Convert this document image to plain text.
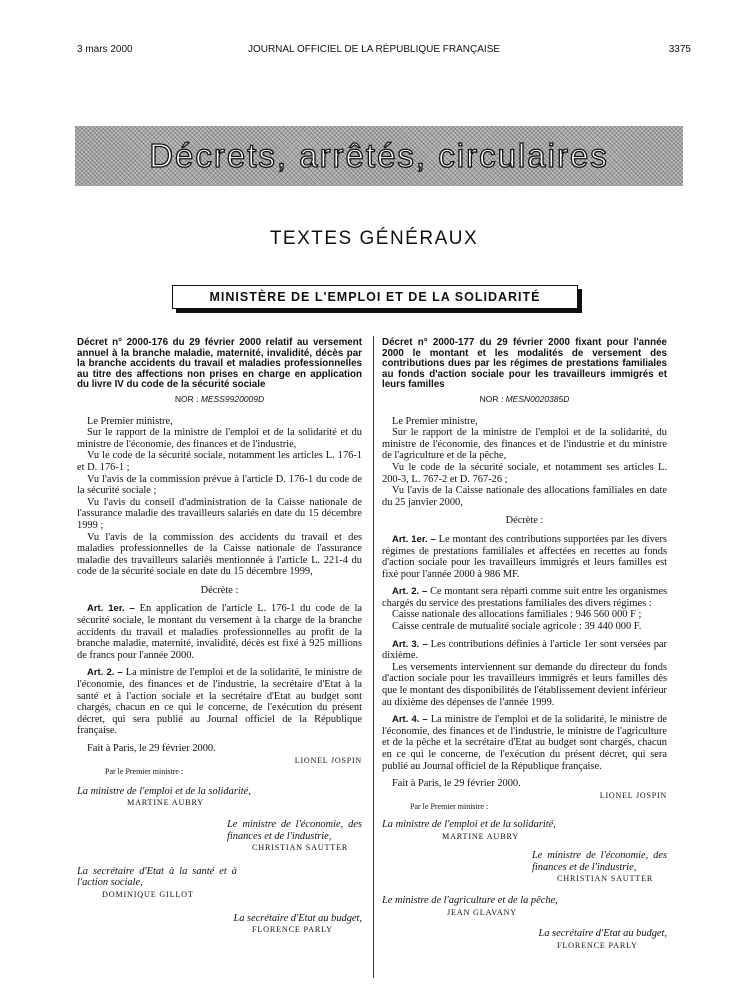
3 mars 2000	JOURNAL OFFICIEL DE LA RÉPUBLIQUE FRANÇAISE	3375
Décrets, arrêtés, circulaires
TEXTES GÉNÉRAUX
MINISTÈRE DE L'EMPLOI ET DE LA SOLIDARITÉ

Décret n° 2000-176 du 29 février 2000 relatif au versement annuel à la branche maladie, maternité, invalidité, décès par la branche accidents du travail et maladies professionnelles au titre des affections non prises en charge en application du livre IV du code de la sécurité sociale

NOR : MESS9920009D

Le Premier ministre,

Sur le rapport de la ministre de l'emploi et de la solidarité et du ministre de l'économie, des finances et de l'industrie,

Vu le code de la sécurité sociale, notamment les articles L. 176-1 et D. 176-1 ;

Vu l'avis de la commission prévue à l'article D. 176-1 du code de la sécurité sociale ;

Vu l'avis du conseil d'administration de la Caisse nationale de l'assurance maladie des travailleurs salariés en date du 15 décembre 1999 ;

Vu l'avis de la commission des accidents du travail et des maladies professionnelles de la Caisse nationale de l'assurance maladie des travailleurs salariés mentionnée à l'article L. 221-4 du code de la sécurité sociale en date du 15 décembre 1999,

Décrète :

Art. 1er. – En application de l'article L. 176-1 du code de la sécurité sociale, le montant du versement à la charge de la branche accidents du travail et maladies professionnelles au profit de la branche maladie, maternité, invalidité, décès est fixé à 925 millions de francs pour l'année 2000.

Art. 2. – La ministre de l'emploi et de la solidarité, le ministre de l'économie, des finances et de l'industrie, la secrétaire d'Etat à la santé et à l'action sociale et la secrétaire d'Etat au budget sont chargés, chacun en ce qui le concerne, de l'exécution du présent décret, qui sera publié au Journal officiel de la République française.

Fait à Paris, le 29 février 2000.

LIONEL JOSPIN
Par le Premier ministre :
La ministre de l'emploi et de la solidarité,
MARTINE AUBRY
Le ministre de l'économie, des finances et de l'industrie,
CHRISTIAN SAUTTER
La secrétaire d'Etat à la santé et à l'action sociale,
DOMINIQUE GILLOT
La secrétaire d'Etat au budget,
FLORENCE PARLY

Décret n° 2000-177 du 29 février 2000 fixant pour l'année 2000 le montant et les modalités de versement des contributions dues par les régimes de prestations familiales au fonds d'action sociale pour les travailleurs immigrés et leurs familles

NOR : MESN0020385D

Le Premier ministre,

Sur le rapport de la ministre de l'emploi et de la solidarité, du ministre de l'économie, des finances et de l'industrie et du ministre de l'agriculture et de la pêche,

Vu le code de la sécurité sociale, et notamment ses articles L. 200-3, L. 767-2 et D. 767-26 ;

Vu l'avis de la Caisse nationale des allocations familiales en date du 25 janvier 2000,

Décrète :

Art. 1er. – Le montant des contributions supportées par les divers régimes de prestations familiales et affectées en recettes au fonds d'action sociale pour les travailleurs immigrés et leurs familles est fixé pour l'année 2000 à 986 MF.

Art. 2. – Ce montant sera réparti comme suit entre les organismes chargés du service des prestations familiales des divers régimes :

Caisse nationale des allocations familiales : 946 560 000 F ;

Caisse centrale de mutualité sociale agricole : 39 440 000 F.

Art. 3. – Les contributions définies à l'article 1er sont versées par dixième.

Les versements interviennent sur demande du directeur du fonds d'action sociale pour les travailleurs immigrés et leurs familles dès que le montant des disponibilités de l'établissement devient inférieur au dixième des dépenses de l'année 1999.

Art. 4. – La ministre de l'emploi et de la solidarité, le ministre de l'économie, des finances et de l'industrie, le ministre de l'agriculture et de la pêche et la secrétaire d'Etat au budget sont chargés, chacun en ce qui le concerne, de l'exécution du présent décret, qui sera publié au Journal officiel de la République française.

Fait à Paris, le 29 février 2000.

LIONEL JOSPIN
Par le Premier ministre :
La ministre de l'emploi et de la solidarité,
MARTINE AUBRY
Le ministre de l'économie, des finances et de l'industrie,
CHRISTIAN SAUTTER
Le ministre de l'agriculture et de la pêche,
JEAN GLAVANY
La secrétaire d'Etat au budget,
FLORENCE PARLY
